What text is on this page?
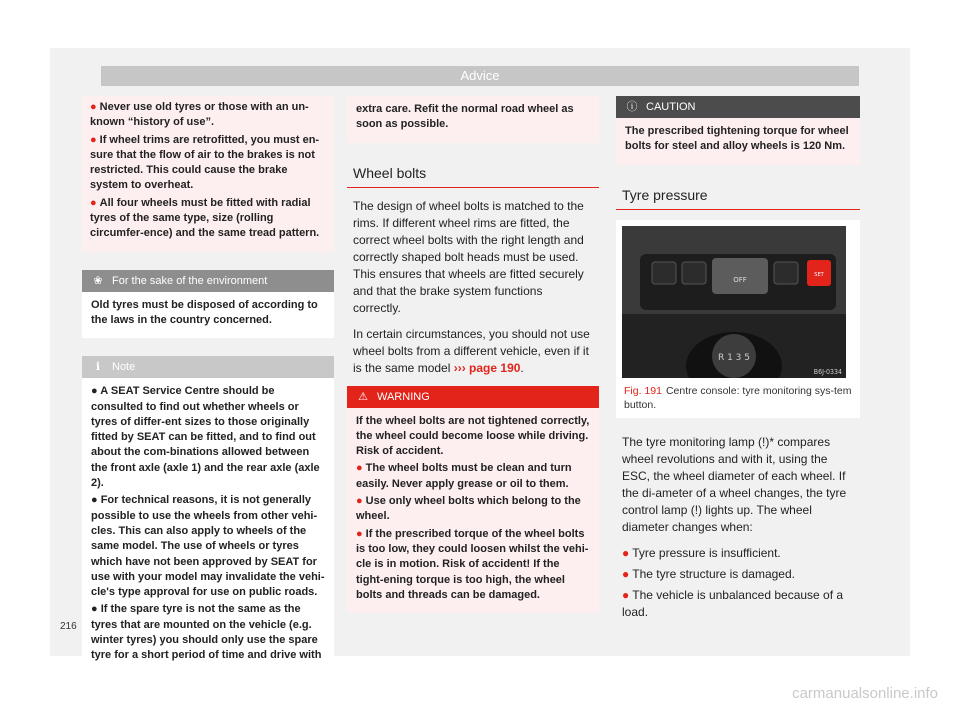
Advice

● Never use old tyres or those with an un-known “history of use”.

● If wheel trims are retrofitted, you must en-sure that the flow of air to the brakes is not restricted. This could cause the brake system to overheat.

● All four wheels must be fitted with radial tyres of the same type, size (rolling circumfer-ence) and the same tread pattern.

❀ For the sake of the environment

Old tyres must be disposed of according to the laws in the country concerned.

ℹ Note

● A SEAT Service Centre should be consulted to find out whether wheels or tyres of differ-ent sizes to those originally fitted by SEAT can be fitted, and to find out about the com-binations allowed between the front axle (axle 1) and the rear axle (axle 2).

● For technical reasons, it is not generally possible to use the wheels from other vehi-cles. This can also apply to wheels of the same model. The use of wheels or tyres which have not been approved by SEAT for use with your model may invalidate the vehi-cle's type approval for use on public roads.

● If the spare tyre is not the same as the tyres that are mounted on the vehicle (e.g. winter tyres) you should only use the spare tyre for a short period of time and drive with

extra care. Refit the normal road wheel as soon as possible.

Wheel bolts

The design of wheel bolts is matched to the rims. If different wheel rims are fitted, the correct wheel bolts with the right length and correctly shaped bolt heads must be used. This ensures that wheels are fitted securely and that the brake system functions correctly.

In certain circumstances, you should not use wheel bolts from a different vehicle, even if it is the same model ››› page 190.

⚠ WARNING

If the wheel bolts are not tightened correctly, the wheel could become loose while driving. Risk of accident.

● The wheel bolts must be clean and turn easily. Never apply grease or oil to them.

● Use only wheel bolts which belong to the wheel.

● If the prescribed torque of the wheel bolts is too low, they could loosen whilst the vehi-cle is in motion. Risk of accident! If the tight-ening torque is too high, the wheel bolts and threads can be damaged.

ⓘ CAUTION

The prescribed tightening torque for wheel bolts for steel and alloy wheels is 120 Nm.

Tyre pressure
OFF
SET
R 1 3 5
B6J-0334
Fig. 191 Centre console: tyre monitoring sys-tem button.

The tyre monitoring lamp (!)* compares wheel revolutions and with it, using the ESC, the wheel diameter of each wheel. If the di-ameter of a wheel changes, the tyre control lamp (!) lights up. The wheel diameter changes when:

● Tyre pressure is insufficient.

● The tyre structure is damaged.

● The vehicle is unbalanced because of a load.

216
carmanualsonline.info
